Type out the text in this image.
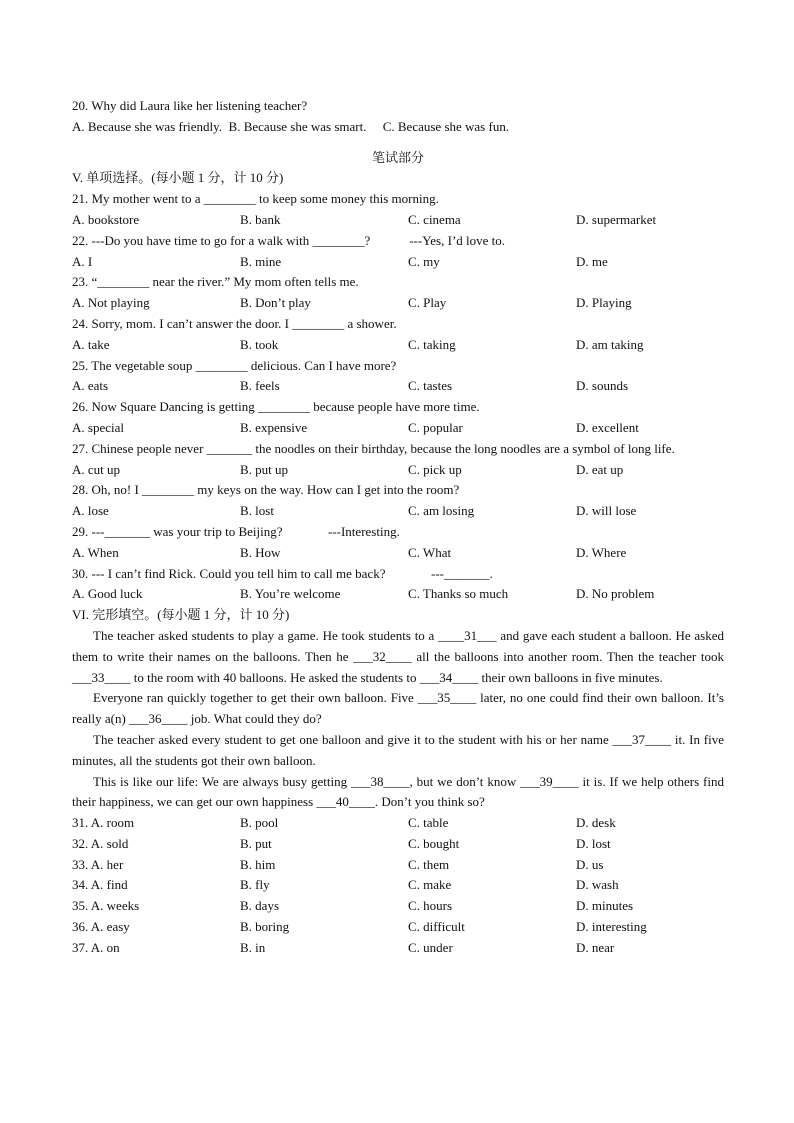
20. Why did Laura like her listening teacher?
A. Because she was friendly.  B. Because she was smart.     C. Because she was fun.
笔试部分
V. 单项选择。(每小题 1 分，计 10 分)
21. My mother went to a ________ to keep some money this morning.
A. bookstore	B. bank	C. cinema	D. supermarket
22. ---Do you have time to go for a walk with ________?            ---Yes, I’d love to.
A. I	B. mine	C. my	D. me
23. “________ near the river.” My mom often tells me.
A. Not playing	B. Don’t play	C. Play	D. Playing
24. Sorry, mom. I can’t answer the door. I ________ a shower.
A. take	B. took	C. taking	D. am taking
25. The vegetable soup ________ delicious. Can I have more?
A. eats	B. feels	C. tastes	D. sounds
26. Now Square Dancing is getting ________ because people have more time.
A. special	B. expensive	C. popular	D. excellent
27. Chinese people never _______ the noodles on their birthday, because the long noodles are a symbol of long life.
A. cut up	B. put up	C. pick up	D. eat up
28. Oh, no! I ________ my keys on the way. How can I get into the room?
A. lose	B. lost	C. am losing	D. will lose
29. ---_______ was your trip to Beijing?              ---Interesting.
A. When	B. How	C. What	D. Where
30. --- I can’t find Rick. Could you tell him to call me back?              ---_______.
A. Good luck	B. You’re welcome	C. Thanks so much	D. No problem
VI. 完形填空。(每小题 1 分，计 10 分)
The teacher asked students to play a game. He took students to a ____31___ and gave each student a balloon. He asked them to write their names on the balloons. Then he ___32____ all the balloons into another room. Then the teacher took ___33____ to the room with 40 balloons. He asked the students to ___34____ their own balloons in five minutes.
Everyone ran quickly together to get their own balloon. Five ___35____ later, no one could find their own balloon. It’s really a(n) ___36____ job. What could they do?
The teacher asked every student to get one balloon and give it to the student with his or her name ___37____ it. In five minutes, all the students got their own balloon.
This is like our life: We are always busy getting ___38____, but we don’t know ___39____ it is. If we help others find their happiness, we can get our own happiness ___40____. Don’t you think so?
31. A. room	B. pool	C. table	D. desk
32. A. sold	B. put	C. bought	D. lost
33. A. her	B. him	C. them	D. us
34. A. find	B. fly	C. make	D. wash
35. A. weeks	B. days	C. hours	D. minutes
36. A. easy	B. boring	C. difficult	D. interesting
37. A. on	B. in	C. under	D. near
